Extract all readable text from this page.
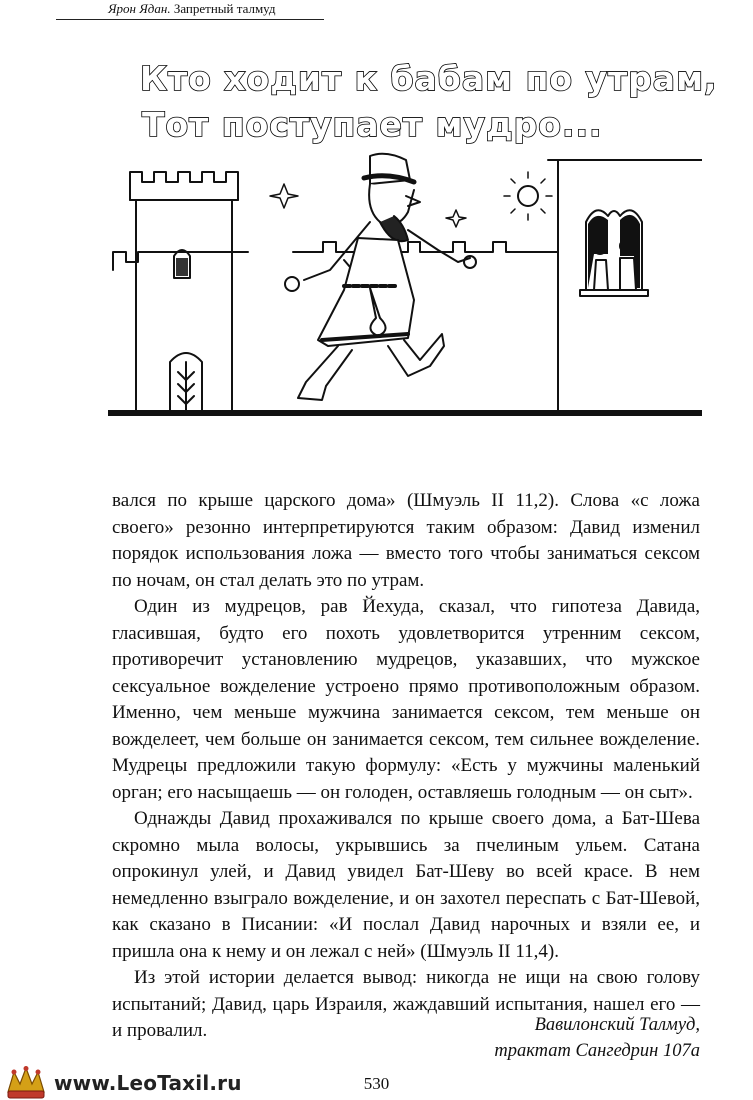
Ярон Ядан. Запретный талмуд
Кто ходит к бабам по утрам,
Тот поступает мудро...

вался по крыше царского дома» (Шмуэль II 11,2). Слова «с ложа своего» резонно интерпретируются таким образом: Давид изменил порядок использования ложа — вместо того чтобы заниматься сексом по ночам, он стал делать это по утрам.

Один из мудрецов, рав Йехуда, сказал, что гипотеза Давида, гласившая, будто его похоть удовлетворится утренним сексом, противоречит установлению мудрецов, указавших, что мужское сексуальное вожделение устроено прямо противоположным образом. Именно, чем меньше мужчина занимается сексом, тем меньше он вожделеет, чем больше он занимается сексом, тем сильнее вожделение. Мудрецы предложили такую формулу: «Есть у мужчины маленький орган; его насыщаешь — он голоден, оставляешь голодным — он сыт».

Однажды Давид прохаживался по крыше своего дома, а Бат-Шева скромно мыла волосы, укрывшись за пчелиным ульем. Сатана опрокинул улей, и Давид увидел Бат-Шеву во всей красе. В нем немедленно взыграло вожделение, и он захотел переспать с Бат-Шевой, как сказано в Писании: «И послал Давид нарочных и взяли ее, и пришла она к нему и он лежал с ней» (Шмуэль II 11,4).

Из этой истории делается вывод: никогда не ищи на свою голову испытаний; Давид, царь Израиля, жаждавший испытания, нашел его — и провалил.	Вавилонский Талмуд,
трактат Сангедрин 107а
www.LeoTaxil.ru	530
